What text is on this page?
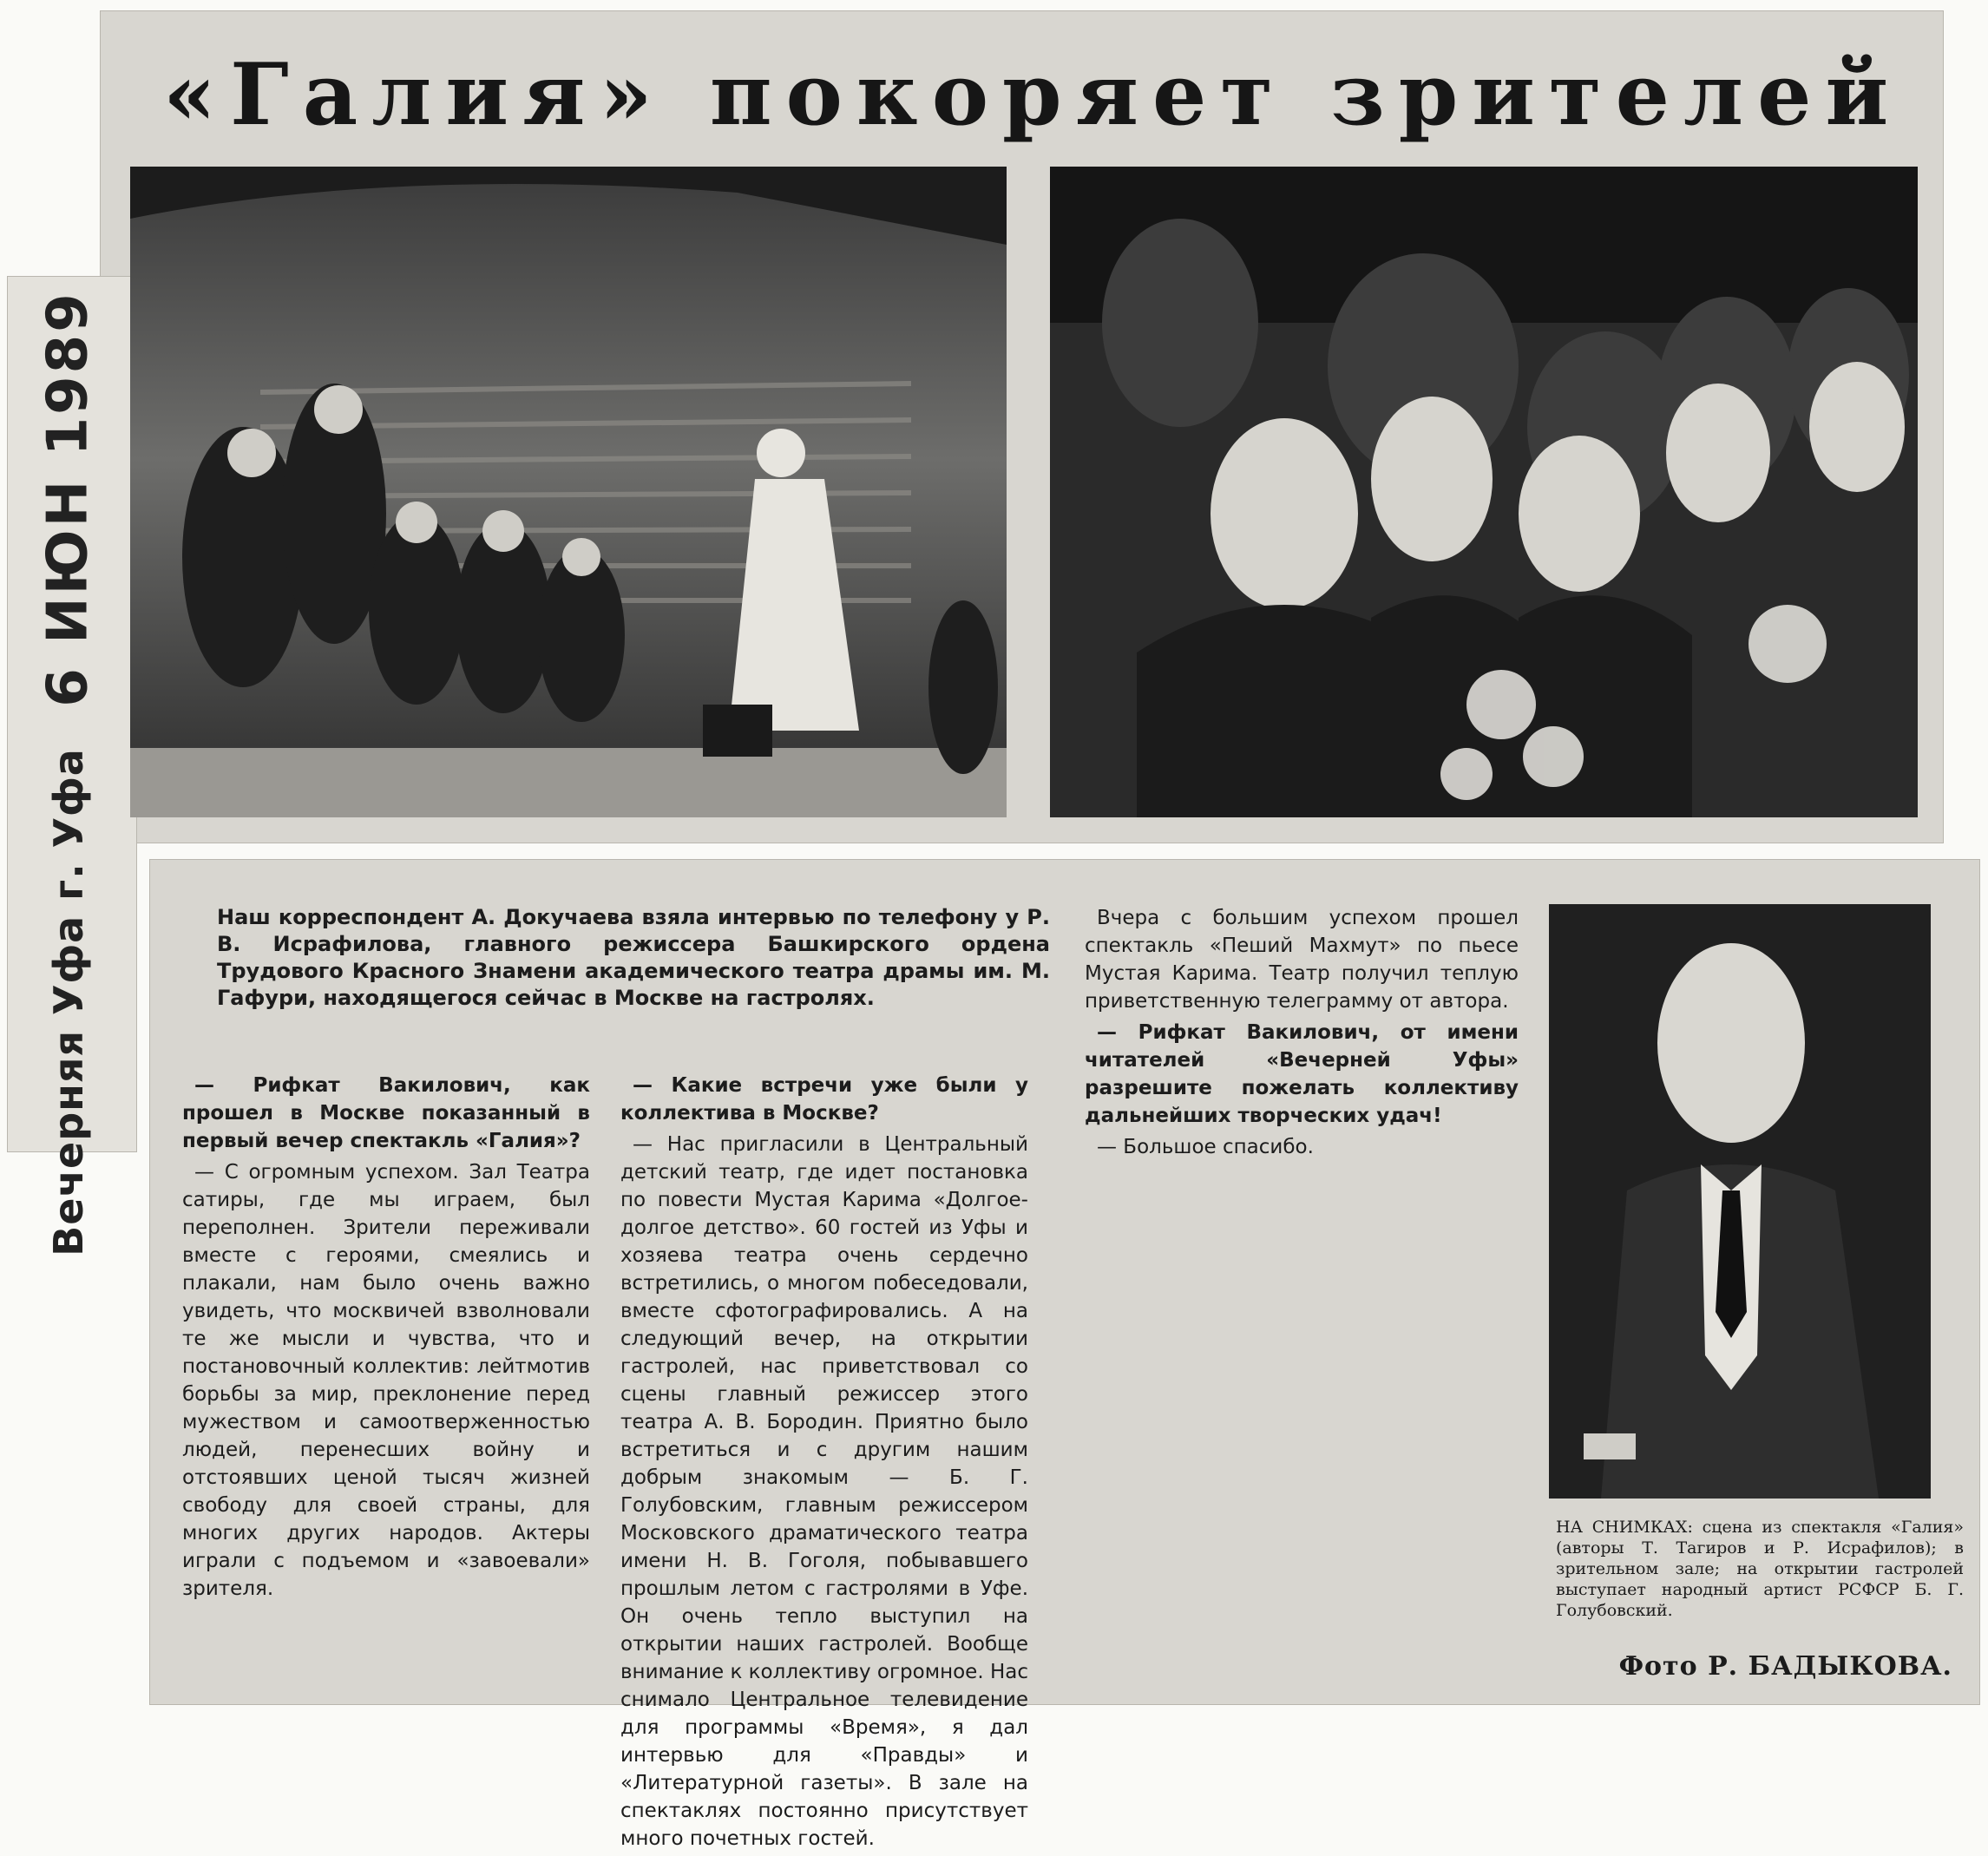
6 ИЮН 1989
Вечерняя Уфа г. Уфа
«Галия» покоряет зрителей
Наш корреспондент А. Докучаева взяла интервью по телефону у Р. В. Исрафилова, главного режиссера Башкирского ордена Трудового Красного Знамени академического театра драмы им. М. Гафури, находящегося сейчас в Москве на гастролях.

— Рифкат Вакилович, как прошел в Москве показанный в первый вечер спектакль «Галия»?

— С огромным успехом. Зал Театра сатиры, где мы играем, был переполнен. Зрители переживали вместе с героями, смеялись и плакали, нам было очень важно увидеть, что москвичей взволновали те же мысли и чувства, что и постановочный коллектив: лейтмотив борьбы за мир, преклонение перед мужеством и самоотверженностью людей, перенесших войну и отстоявших ценой тысяч жизней свободу для своей страны, для многих других народов. Актеры играли с подъемом и «завоевали» зрителя.

— Какие встречи уже были у коллектива в Москве?

— Нас пригласили в Центральный детский театр, где идет постановка по повести Мустая Карима «Долгое-долгое детство». 60 гостей из Уфы и хозяева театра очень сердечно встретились, о многом побеседовали, вместе сфотографировались. А на следующий вечер, на открытии гастролей, нас приветствовал со сцены главный режиссер этого театра А. В. Бородин. Приятно было встретиться и с другим нашим добрым знакомым — Б. Г. Голубовским, главным режиссером Московского драматического театра имени Н. В. Гоголя, побывавшего прошлым летом с гастролями в Уфе. Он очень тепло выступил на открытии наших гастролей. Вообще внимание к коллективу огромное. Нас снимало Центральное телевидение для программы «Время», я дал интервью для «Правды» и «Литературной газеты». В зале на спектаклях постоянно присутствует много почетных гостей.

Вчера с большим успехом прошел спектакль «Пеший Махмут» по пьесе Мустая Карима. Театр получил теплую приветственную телеграмму от автора.

— Рифкат Вакилович, от имени читателей «Вечерней Уфы» разрешите пожелать коллективу дальнейших творческих удач!

— Большое спасибо.

НА СНИМКАХ: сцена из спектакля «Галия» (авторы Т. Тагиров и Р. Исрафилов); в зрительном зале; на открытии гастролей выступает народный артист РСФСР Б. Г. Голубовский.
Фото Р. БАДЫКОВА.
